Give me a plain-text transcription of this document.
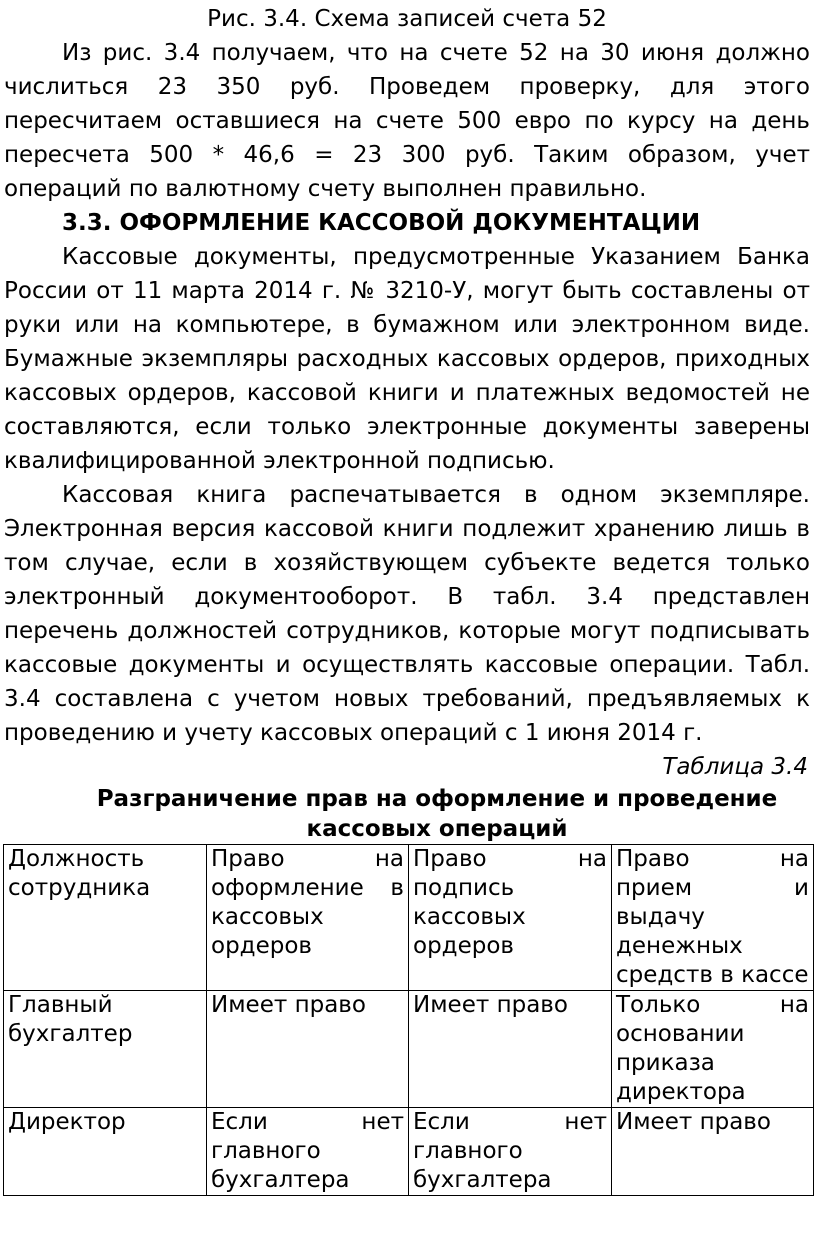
Рис. 3.4. Схема записей счета 52

Из рис. 3.4 получаем, что на счете 52 на 30 июня должно числиться 23 350 руб. Проведем проверку, для этого пересчитаем оставшиеся на счете 500 евро по курсу на день пересчета 500 * 46,6 = 23 300 руб. Таким образом, учет операций по валютному счету выполнен правильно.

3.3. ОФОРМЛЕНИЕ КАССОВОЙ ДОКУМЕНТАЦИИ

Кассовые документы, предусмотренные Указанием Банка России от 11 марта 2014 г. № 3210-У, могут быть составлены от руки или на компьютере, в бумажном или электронном виде. Бумажные экземпляры расходных кассовых ордеров, приходных кассовых ордеров, кассовой книги и платежных ведомостей не составляются, если только электронные документы заверены квалифицированной электронной подписью.

Кассовая книга распечатывается в одном экземпляре. Электронная версия кассовой книги подлежит хранению лишь в том случае, если в хозяйствующем субъекте ведется только электронный документооборот. В табл. 3.4 представлен перечень должностей сотрудников, которые могут подписывать кассовые документы и осуществлять кассовые операции. Табл. 3.4 составлена с учетом новых требований, предъявляемых к проведению и учету кассовых операций с 1 июня 2014 г.

Таблица 3.4

Разграничение прав на оформление и проведение кассовых операций

Должность сотрудника	Право на оформление в кассовых ордеров	Право на подпись кассовых ордеров	Право на прием и выдачу денежных средств в кассе
Главный бухгалтер	Имеет право	Имеет право	Только на основании приказа директора
Директор	Если нет главного бухгалтера	Если нет главного бухгалтера	Имеет право
